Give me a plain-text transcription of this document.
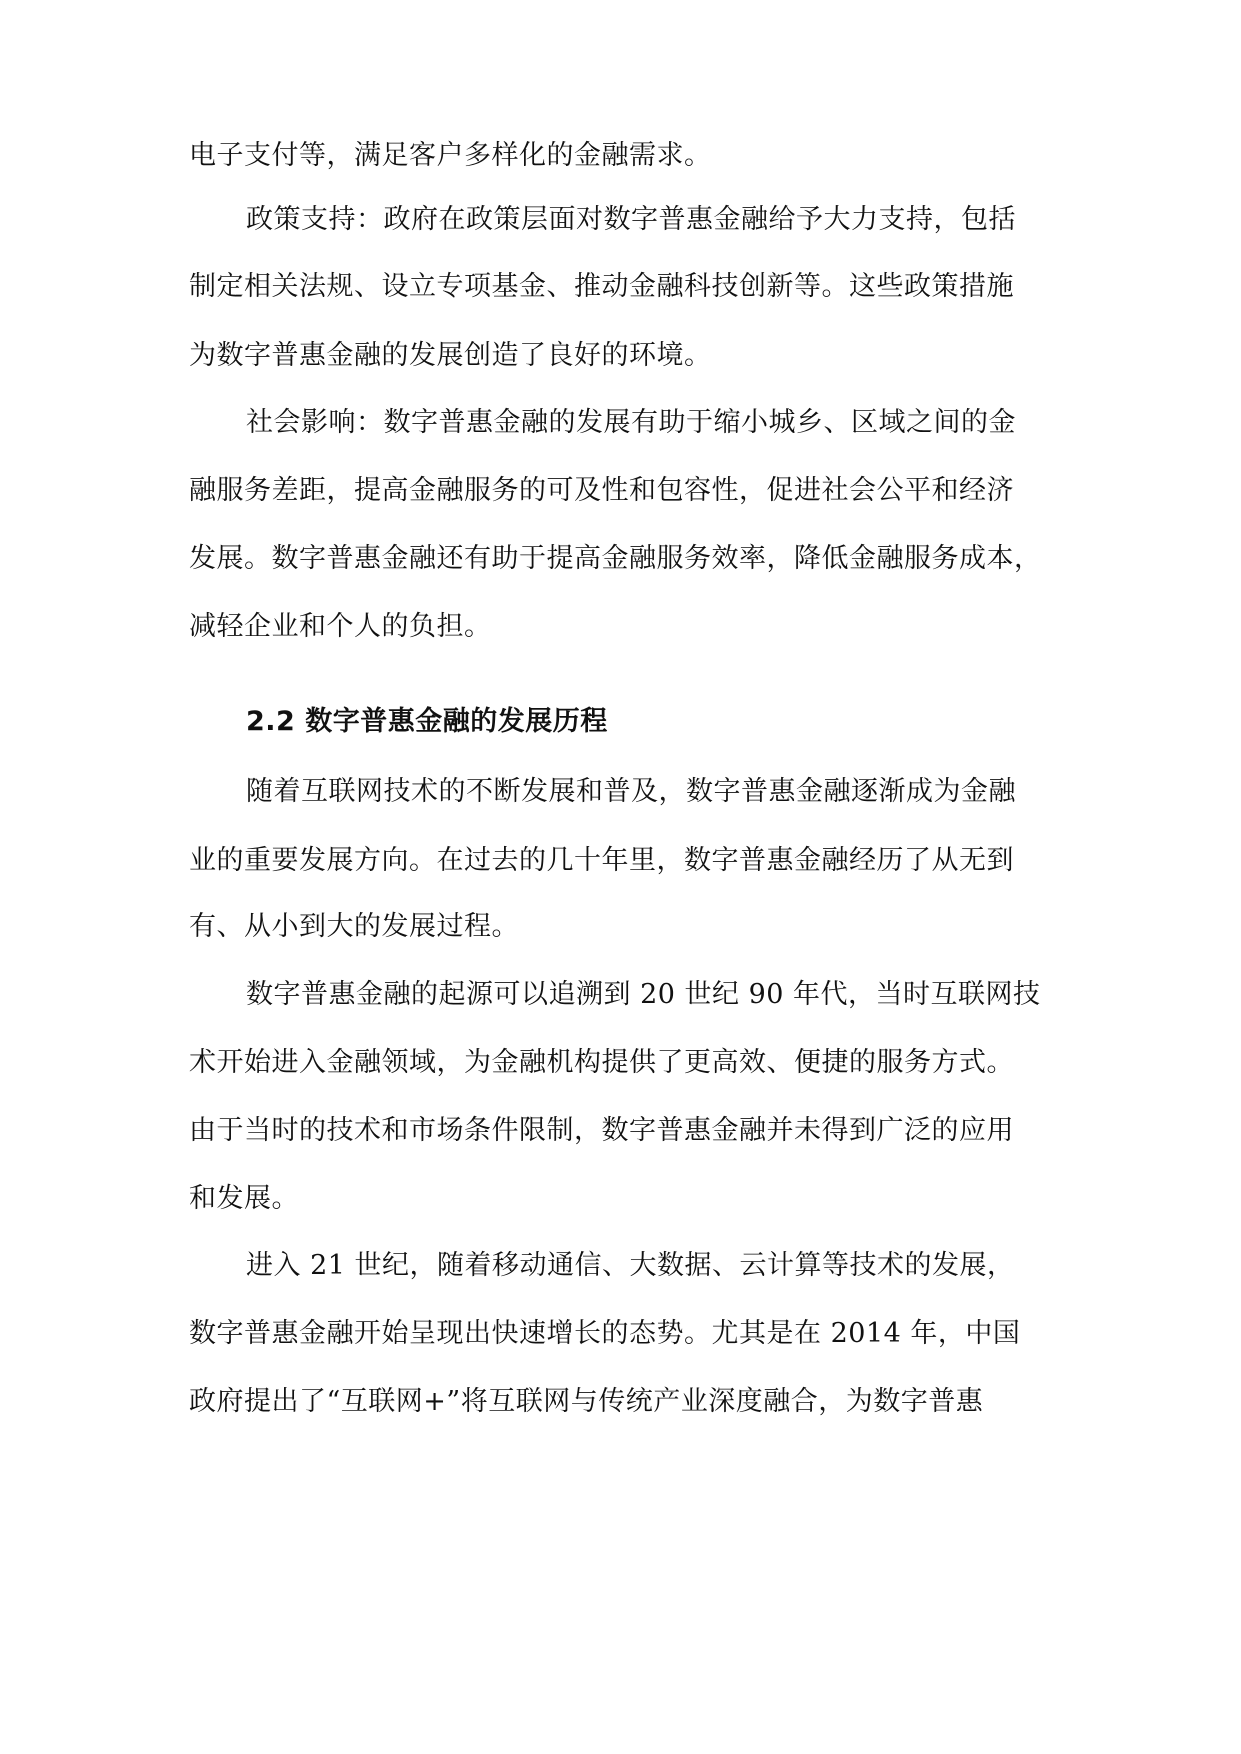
电子支付等，满足客户多样化的金融需求。
政策支持：政府在政策层面对数字普惠金融给予大力支持，包括
制定相关法规、设立专项基金、推动金融科技创新等。这些政策措施
为数字普惠金融的发展创造了良好的环境。
社会影响：数字普惠金融的发展有助于缩小城乡、区域之间的金
融服务差距，提高金融服务的可及性和包容性，促进社会公平和经济
发展。数字普惠金融还有助于提高金融服务效率，降低金融服务成本，
减轻企业和个人的负担。
2.2 数字普惠金融的发展历程
随着互联网技术的不断发展和普及，数字普惠金融逐渐成为金融
业的重要发展方向。在过去的几十年里，数字普惠金融经历了从无到
有、从小到大的发展过程。
数字普惠金融的起源可以追溯到 20 世纪 90 年代，当时互联网技
术开始进入金融领域，为金融机构提供了更高效、便捷的服务方式。
由于当时的技术和市场条件限制，数字普惠金融并未得到广泛的应用
和发展。
进入 21 世纪，随着移动通信、大数据、云计算等技术的发展，
数字普惠金融开始呈现出快速增长的态势。尤其是在 2014 年，中国
政府提出了“互联网+”将互联网与传统产业深度融合，为数字普惠
